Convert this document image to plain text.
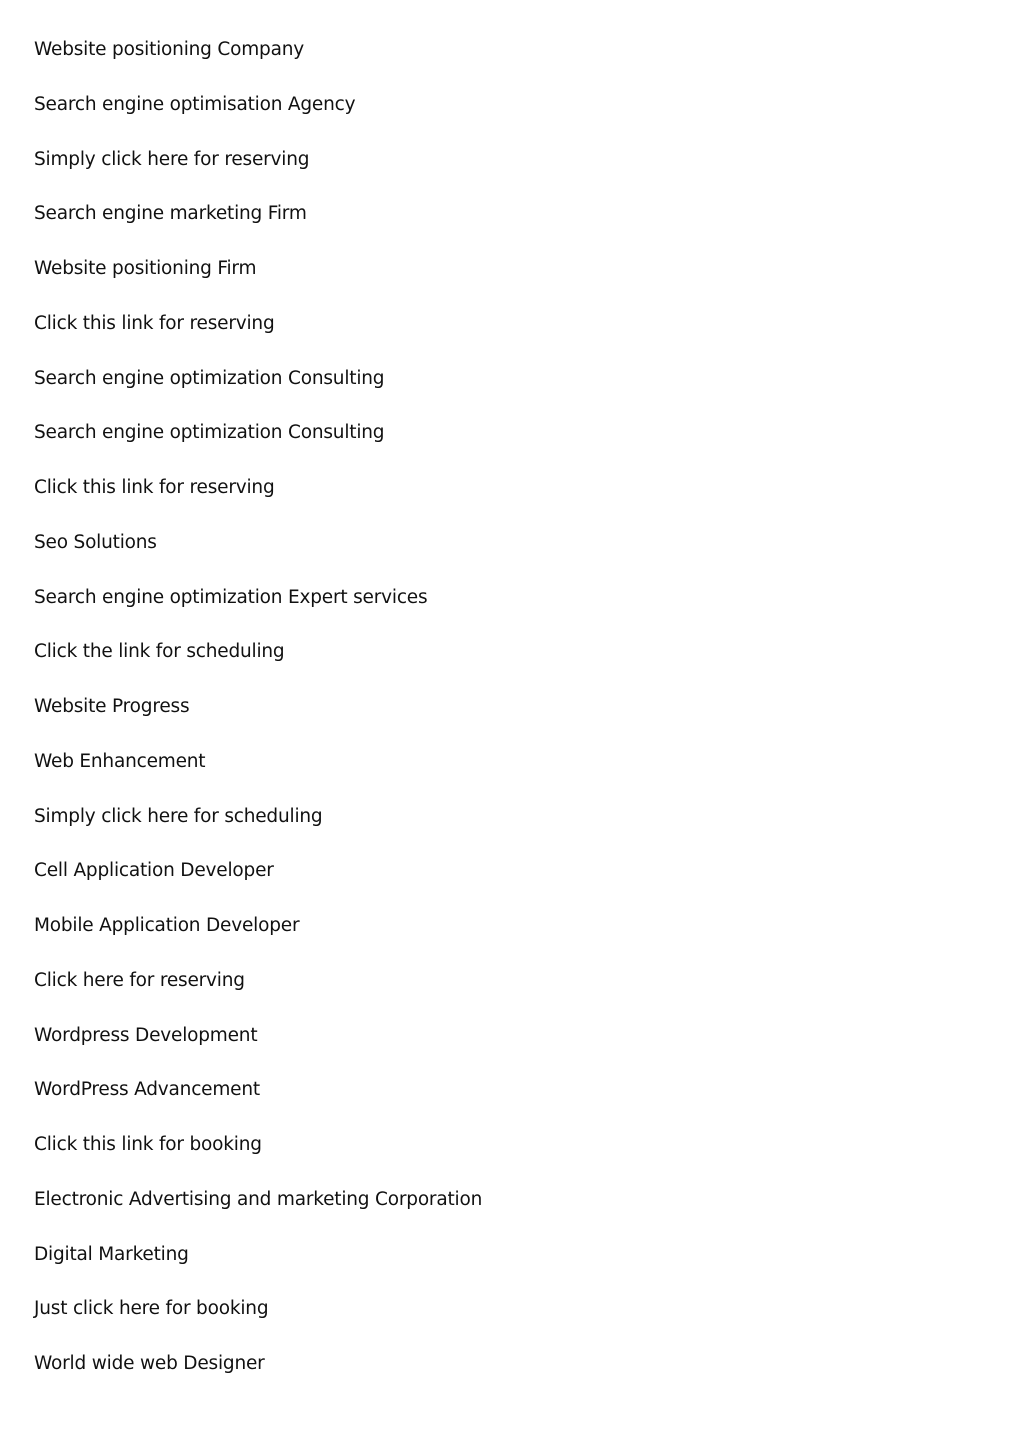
Website positioning Company
Search engine optimisation Agency
Simply click here for reserving
Search engine marketing Firm
Website positioning Firm
Click this link for reserving
Search engine optimization Consulting
Search engine optimization Consulting
Click this link for reserving
Seo Solutions
Search engine optimization Expert services
Click the link for scheduling
Website Progress
Web Enhancement
Simply click here for scheduling
Cell Application Developer
Mobile Application Developer
Click here for reserving
Wordpress Development
WordPress Advancement
Click this link for booking
Electronic Advertising and marketing Corporation
Digital Marketing
Just click here for booking
World wide web Designer
